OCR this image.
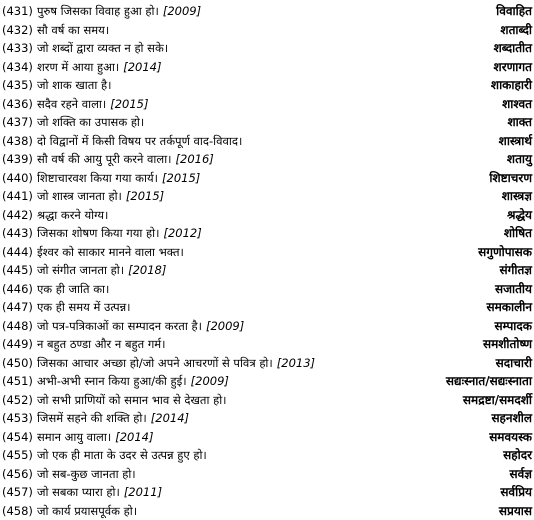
(431) पुरुष जिसका विवाह हुआ हो। [2009]	विवाहित
(432) सौ वर्ष का समय।	शताब्दी
(433) जो शब्दों द्वारा व्यक्त न हो सके।	शब्दातीत
(434) शरण में आया हुआ। [2014]	शरणागत
(435) जो शाक खाता है।	शाकाहारी
(436) सदैव रहने वाला। [2015]	शाश्वत
(437) जो शक्ति का उपासक हो।	शाक्त
(438) दो विद्वानों में किसी विषय पर तर्कपूर्ण वाद-विवाद।	शास्त्रार्थ
(439) सौ वर्ष की आयु पूरी करने वाला। [2016]	शतायु
(440) शिष्टाचारवश किया गया कार्य। [2015]	शिष्टाचरण
(441) जो शास्त्र जानता हो। [2015]	शास्त्रज्ञ
(442) श्रद्धा करने योग्य।	श्रद्धेय
(443) जिसका शोषण किया गया हो। [2012]	शोषित
(444) ईश्वर को साकार मानने वाला भक्त।	सगुणोपासक
(445) जो संगीत जानता हो। [2018]	संगीतज्ञ
(446) एक ही जाति का।	सजातीय
(447) एक ही समय में उत्पन्न।	समकालीन
(448) जो पत्र-पत्रिकाओं का सम्पादन करता है। [2009]	सम्पादक
(449) न बहुत ठण्डा और न बहुत गर्म।	समशीतोष्ण
(450) जिसका आचार अच्छा हो/जो अपने आचरणों से पवित्र हो। [2013]	सदाचारी
(451) अभी-अभी स्नान किया हुआ/की हुई। [2009]	सद्यःस्नात/सद्यःस्नाता
(452) जो सभी प्राणियों को समान भाव से देखता हो।	समद्रष्टा/समदर्शी
(453) जिसमें सहने की शक्ति हो। [2014]	सहनशील
(454) समान आयु वाला। [2014]	समवयस्क
(455) जो एक ही माता के उदर से उत्पन्न हुए हो।	सहोदर
(456) जो सब-कुछ जानता हो।	सर्वज्ञ
(457) जो सबका प्यारा हो। [2011]	सर्वप्रिय
(458) जो कार्य प्रयासपूर्वक हो।	सप्रयास
